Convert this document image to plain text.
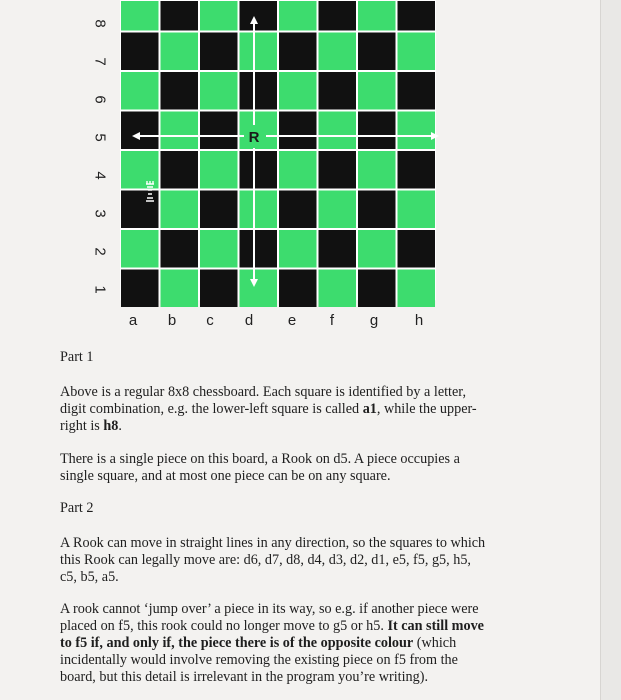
8
7
6
5
4
3
2
1
R
a	b	c	d	e	f	g	h
Part 1

Above is a regular 8x8 chessboard. Each square is identified by a letter, digit combination, e.g. the lower-left square is called a1, while the upper-right is h8.

There is a single piece on this board, a Rook on d5. A piece occupies a single square, and at most one piece can be on any square.
Part 2
A Rook can move in straight lines in any direction, so the squares to which this Rook can legally move are: d6, d7, d8, d4, d3, d2, d1, e5, f5, g5, h5, c5, b5, a5.

A rook cannot ‘jump over’ a piece in its way, so e.g. if another piece were placed on f5, this rook could no longer move to g5 or h5. It can still move to f5 if, and only if, the piece there is of the opposite colour (which incidentally would involve removing the existing piece on f5 from the board, but this detail is irrelevant in the program you’re writing).
